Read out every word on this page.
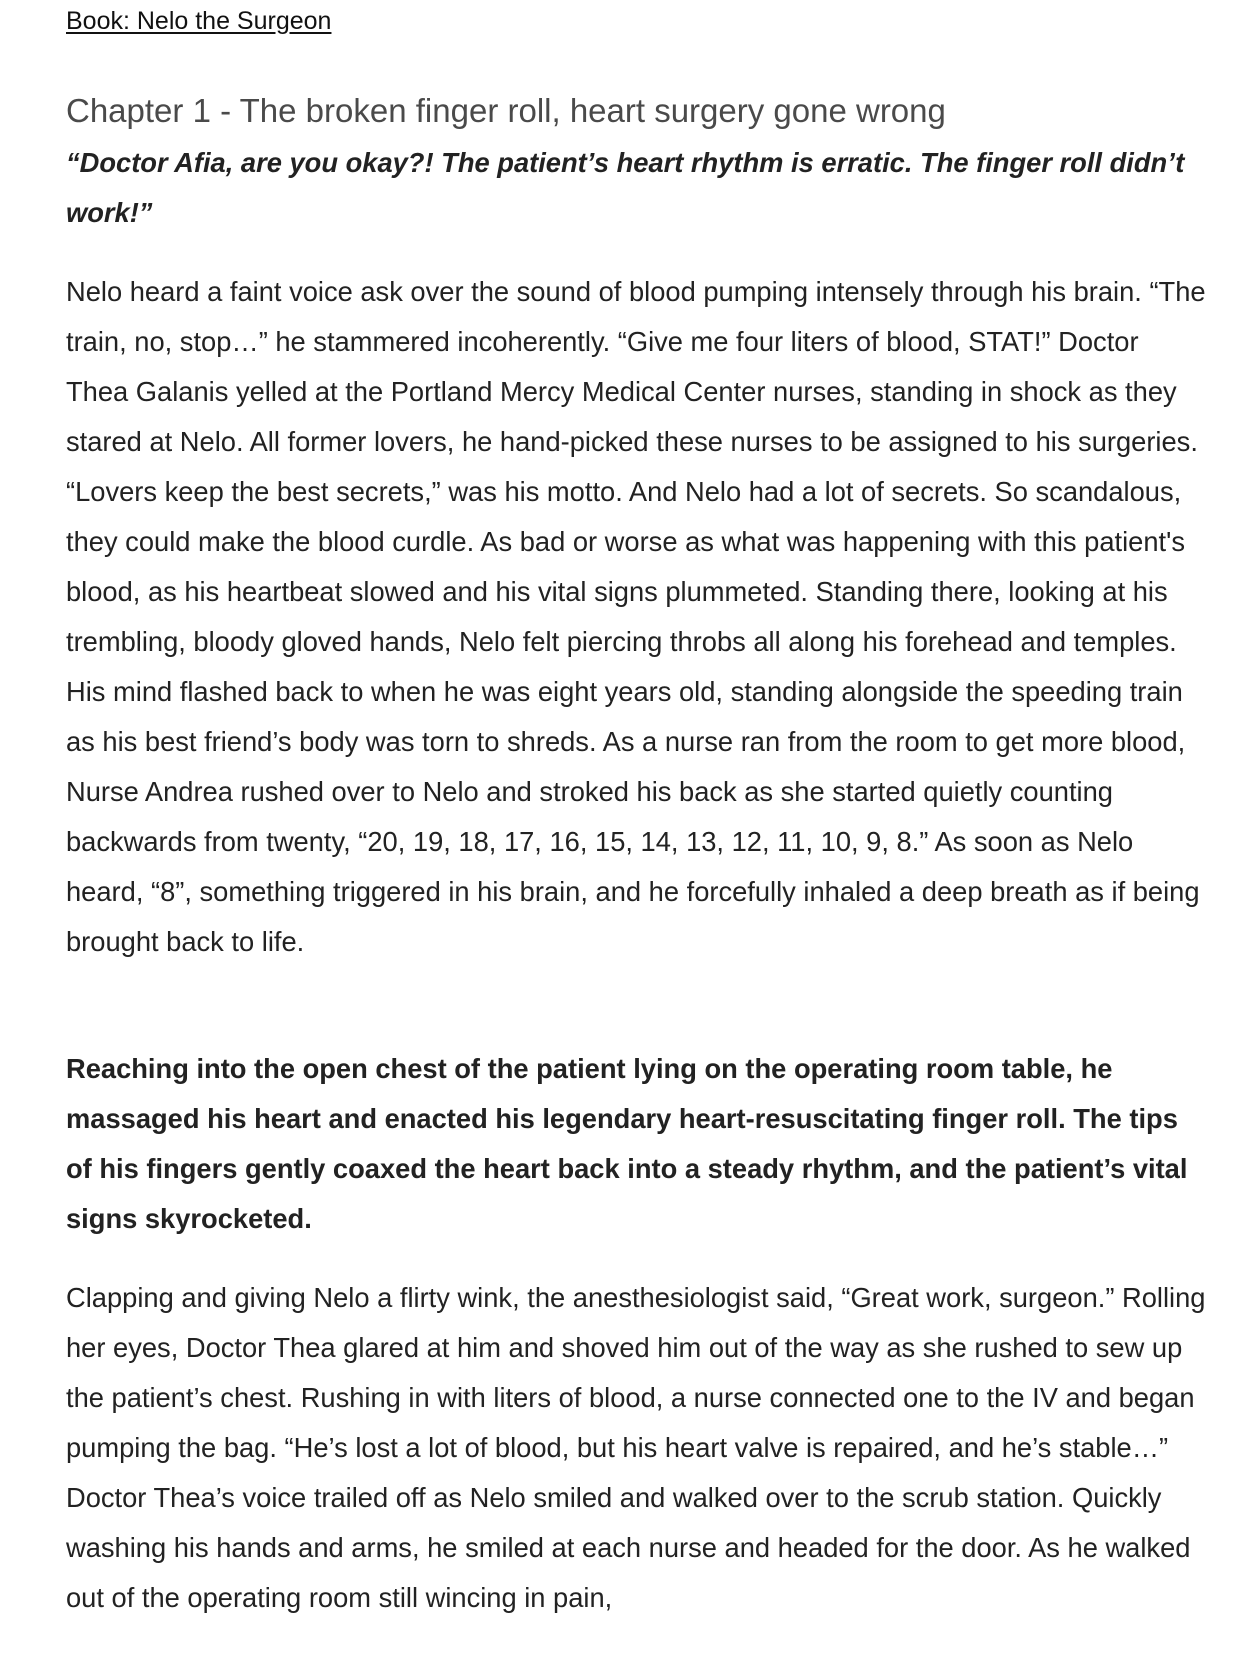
Book: Nelo the Surgeon
Chapter 1 - The broken finger roll, heart surgery gone wrong

“Doctor Afia, are you okay?! The patient’s heart rhythm is erratic. The finger roll didn’t work!”

Nelo heard a faint voice ask over the sound of blood pumping intensely through his brain. “The train, no, stop…” he stammered incoherently. “Give me four liters of blood, STAT!” Doctor Thea Galanis yelled at the Portland Mercy Medical Center nurses, standing in shock as they stared at Nelo. All former lovers, he hand-picked these nurses to be assigned to his surgeries. “Lovers keep the best secrets,” was his motto. And Nelo had a lot of secrets. So scandalous, they could make the blood curdle. As bad or worse as what was happening with this patient's blood, as his heartbeat slowed and his vital signs plummeted. Standing there, looking at his trembling, bloody gloved hands, Nelo felt piercing throbs all along his forehead and temples. His mind flashed back to when he was eight years old, standing alongside the speeding train as his best friend’s body was torn to shreds. As a nurse ran from the room to get more blood, Nurse Andrea rushed over to Nelo and stroked his back as she started quietly counting backwards from twenty, “20, 19, 18, 17, 16, 15, 14, 13, 12, 11, 10, 9, 8.” As soon as Nelo heard, “8”, something triggered in his brain, and he forcefully inhaled a deep breath as if being brought back to life.

Reaching into the open chest of the patient lying on the operating room table, he massaged his heart and enacted his legendary heart-resuscitating finger roll. The tips of his fingers gently coaxed the heart back into a steady rhythm, and the patient’s vital signs skyrocketed.

Clapping and giving Nelo a flirty wink, the anesthesiologist said, “Great work, surgeon.” Rolling her eyes, Doctor Thea glared at him and shoved him out of the way as she rushed to sew up the patient’s chest. Rushing in with liters of blood, a nurse connected one to the IV and began pumping the bag. “He’s lost a lot of blood, but his heart valve is repaired, and he’s stable…” Doctor Thea’s voice trailed off as Nelo smiled and walked over to the scrub station. Quickly washing his hands and arms, he smiled at each nurse and headed for the door. As he walked out of the operating room still wincing in pain,
